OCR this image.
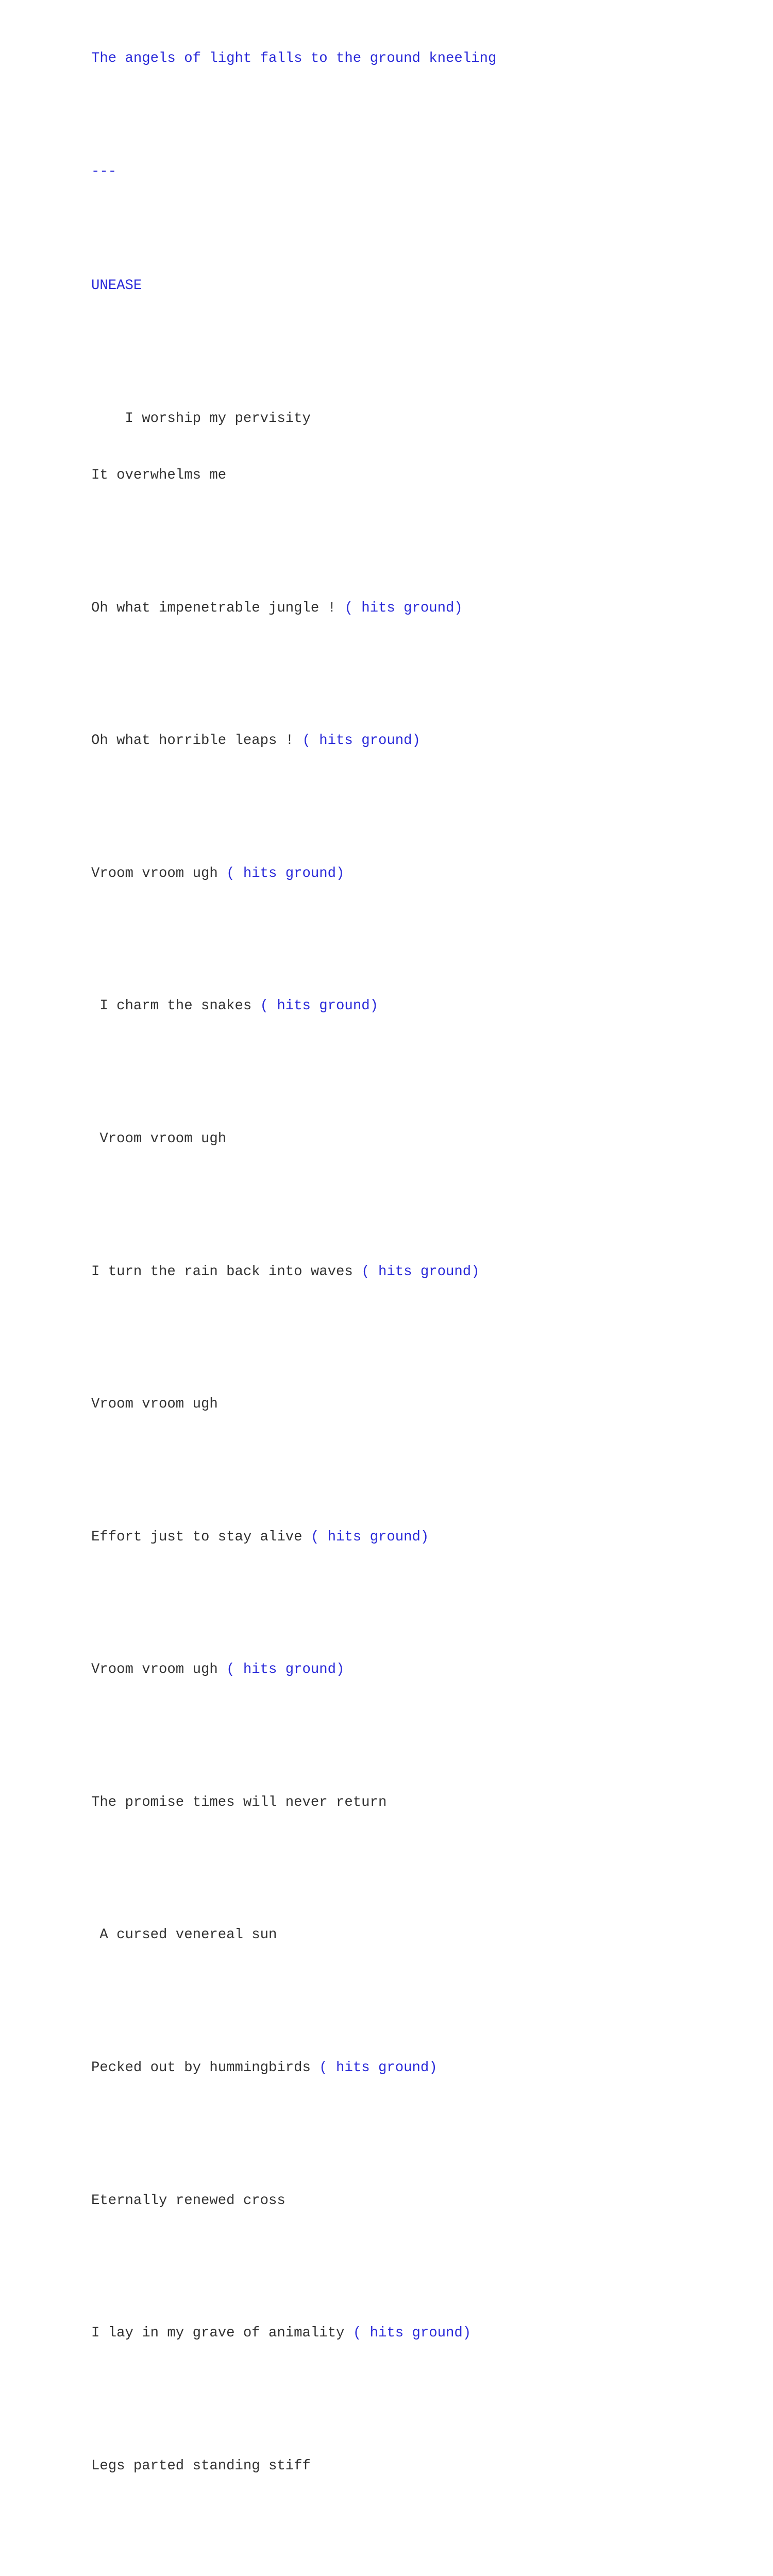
The angels of light falls to the ground kneeling

---

UNEASE

I worship my pervisity

It overwhelms me

Oh what impenetrable jungle ! ( hits ground)

Oh what horrible leaps ! ( hits ground)

Vroom vroom ugh ( hits ground)

I charm the snakes ( hits ground)

Vroom vroom ugh

I turn the rain back into waves ( hits ground)

Vroom vroom ugh

Effort just to stay alive ( hits ground)

Vroom vroom ugh ( hits ground)

The promise times will never return

A cursed venereal sun

Pecked out by hummingbirds ( hits ground)

Eternally renewed cross

I lay in my grave of animality ( hits ground)

Legs parted standing stiff
